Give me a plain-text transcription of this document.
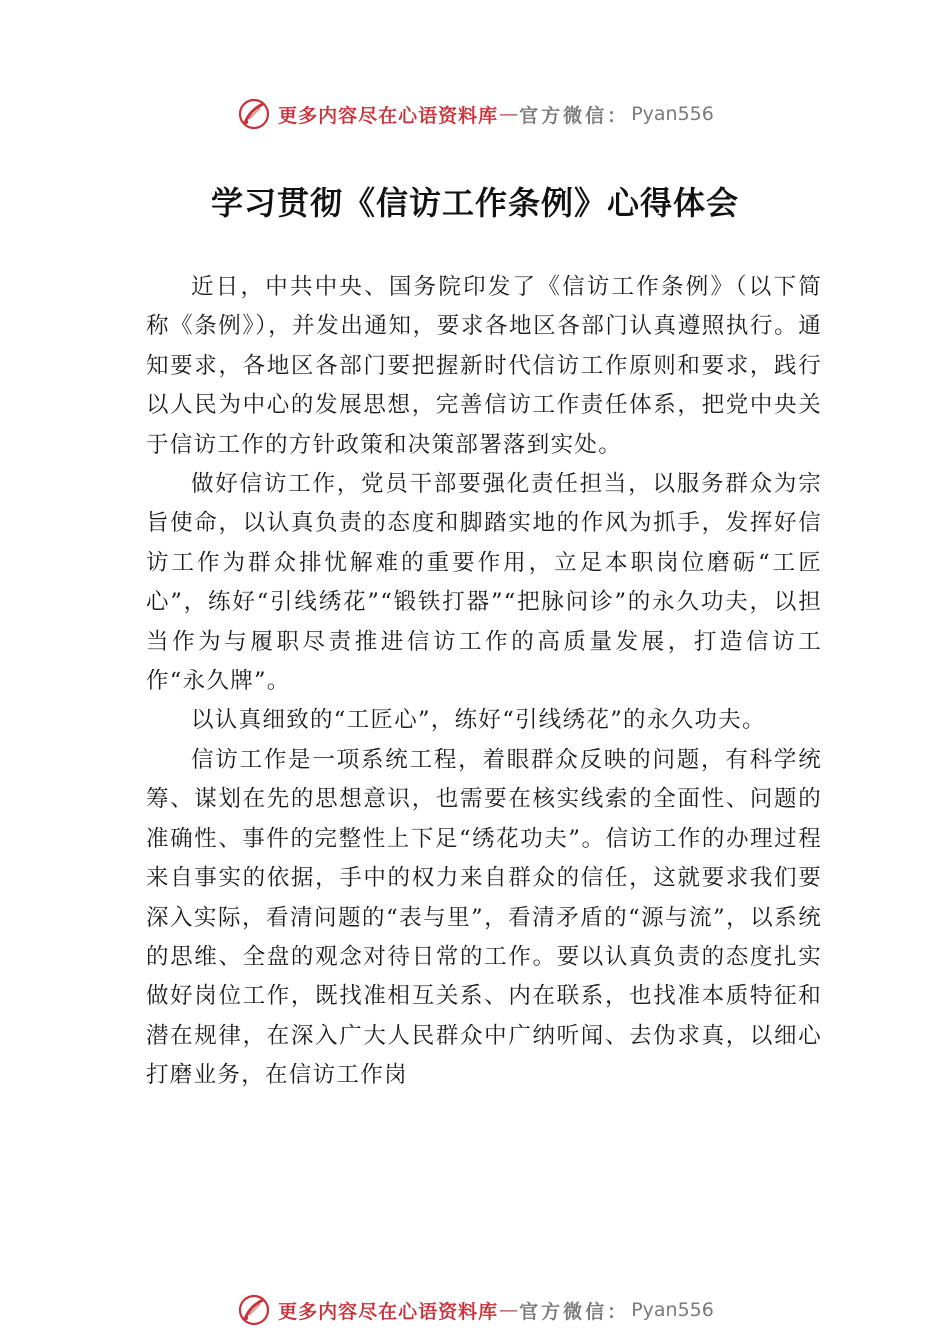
更多内容尽在心语资料库 — 官方微信： Pyan556
学习贯彻《信访工作条例》心得体会

近日，中共中央、国务院印发了《信访工作条例》（以下简称《条例》），并发出通知，要求各地区各部门认真遵照执行。通知要求，各地区各部门要把握新时代信访工作原则和要求，践行以人民为中心的发展思想，完善信访工作责任体系，把党中央关于信访工作的方针政策和决策部署落到实处。

做好信访工作，党员干部要强化责任担当，以服务群众为宗旨使命，以认真负责的态度和脚踏实地的作风为抓手，发挥好信访工作为群众排忧解难的重要作用，立足本职岗位磨砺“工匠心”，练好“引线绣花”“锻铁打器”“把脉问诊”的永久功夫，以担当作为与履职尽责推进信访工作的高质量发展，打造信访工作“永久牌”。

以认真细致的“工匠心”，练好“引线绣花”的永久功夫。

信访工作是一项系统工程，着眼群众反映的问题，有科学统筹、谋划在先的思想意识，也需要在核实线索的全面性、问题的准确性、事件的完整性上下足“绣花功夫”。信访工作的办理过程来自事实的依据，手中的权力来自群众的信任，这就要求我们要深入实际，看清问题的“表与里”，看清矛盾的“源与流”，以系统的思维、全盘的观念对待日常的工作。要以认真负责的态度扎实做好岗位工作，既找准相互关系、内在联系，也找准本质特征和潜在规律，在深入广大人民群众中广纳听闻、去伪求真，以细心打磨业务，在信访工作岗

更多内容尽在心语资料库 — 官方微信： Pyan556
